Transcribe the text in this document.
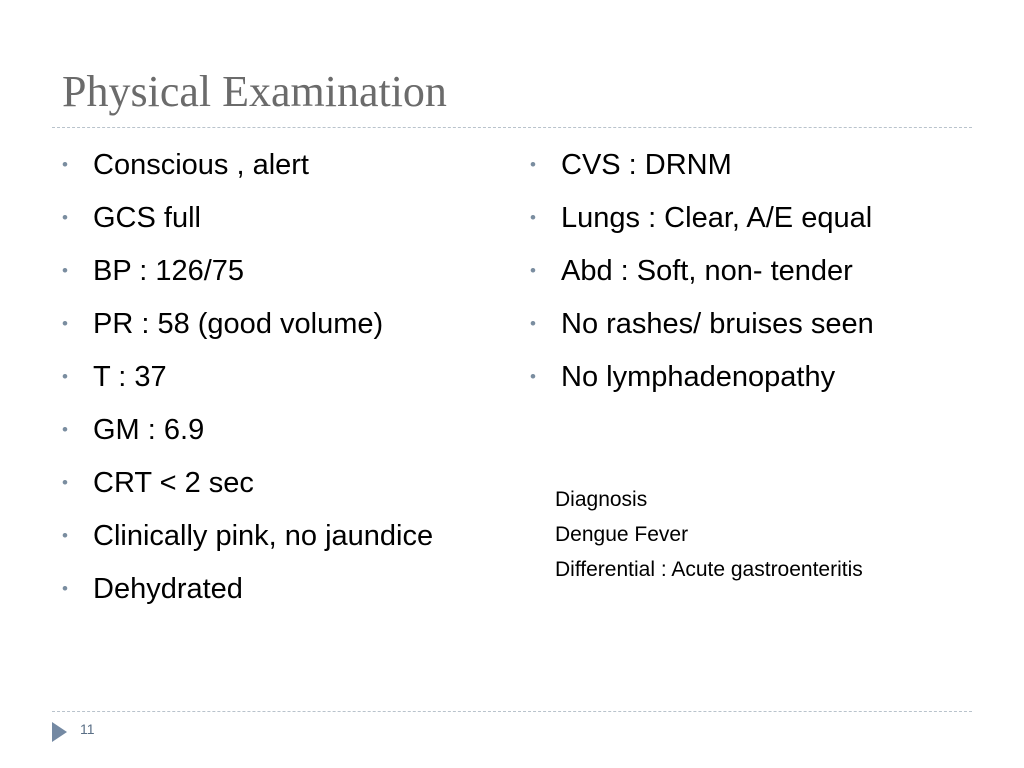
Physical Examination
• Conscious , alert
• GCS full
• BP : 126/75
• PR : 58 (good volume)
• T : 37
• GM : 6.9
• CRT < 2 sec
• Clinically pink, no jaundice
• Dehydrated
• CVS : DRNM
• Lungs : Clear, A/E equal
• Abd : Soft, non- tender
• No rashes/ bruises seen
• No lymphadenopathy
Diagnosis
Dengue Fever
Differential : Acute gastroenteritis
11
